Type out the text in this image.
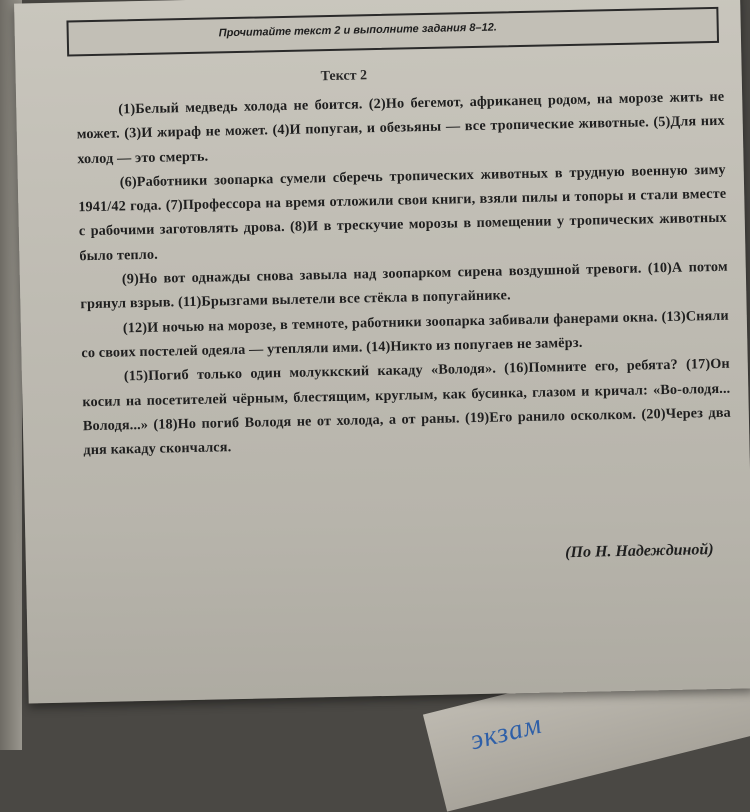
экзам
Прочитайте текст 2 и выполните задания 8–12.
Текст 2

(1)Белый медведь холода не боится. (2)Но бегемот, африканец родом, на морозе жить не может. (3)И жираф не может. (4)И попугаи, и обезьяны — все тропические животные. (5)Для них холод — это смерть.

(6)Работники зоопарка сумели сберечь тропических животных в трудную военную зиму 1941/42 года. (7)Профессора на время отложили свои книги, взяли пилы и топоры и стали вместе с рабочими заготовлять дрова. (8)И в трескучие морозы в помещении у тропических животных было тепло.

(9)Но вот однажды снова завыла над зоопарком сирена воздушной тревоги. (10)А потом грянул взрыв. (11)Брызгами вылетели все стёкла в попугайнике.

(12)И ночью на морозе, в темноте, работники зоопарка забивали фанерами окна. (13)Сняли со своих постелей одеяла — утепляли ими. (14)Никто из попугаев не замёрз.

(15)Погиб только один молуккский какаду «Володя». (16)Помните его, ребята? (17)Он косил на посетителей чёрным, блестящим, круглым, как бусинка, глазом и кричал: «Во-олодя... Володя...» (18)Но погиб Володя не от холода, а от раны. (19)Его ранило осколком. (20)Через два дня какаду скончался.

(По Н. Надеждиной)
